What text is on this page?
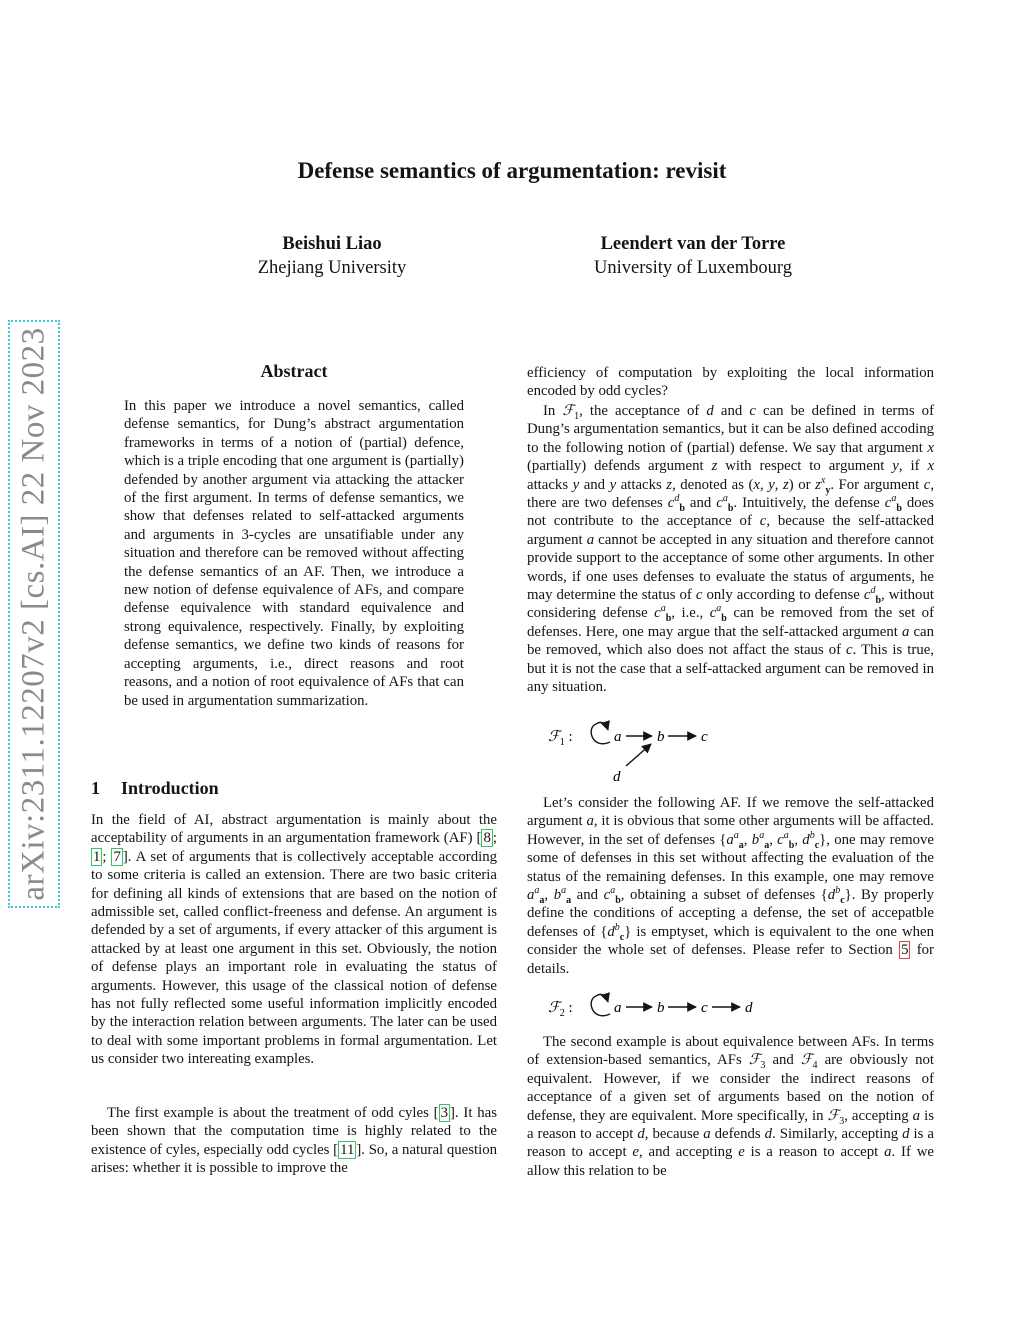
arXiv:2311.12207v2 [cs.AI] 22 Nov 2023
Defense semantics of argumentation: revisit
Beishui Liao
Zhejiang University
Leendert van der Torre
University of Luxembourg
Abstract
In this paper we introduce a novel semantics, called defense semantics, for Dung’s abstract argumentation frameworks in terms of a notion of (partial) defence, which is a triple encoding that one argument is (partially) defended by another argument via attacking the attacker of the first argument. In terms of defense semantics, we show that defenses related to self-attacked arguments and arguments in 3-cycles are unsatifiable under any situation and therefore can be removed without affecting the defense semantics of an AF. Then, we introduce a new notion of defense equivalence of AFs, and compare defense equivalence with standard equivalence and strong equivalence, respectively. Finally, by exploiting defense semantics, we define two kinds of reasons for accepting arguments, i.e., direct reasons and root reasons, and a notion of root equivalence of AFs that can be used in argumentation summarization.
1 Introduction

In the field of AI, abstract argumentation is mainly about the acceptability of arguments in an argumentation framework (AF) [ 8 ; 1 ; 7 ]. A set of arguments that is collectively acceptable according to some criteria is called an extension. There are two basic criteria for defining all kinds of extensions that are based on the notion of admissible set, called conflict-freeness and defense. An argument is defended by a set of arguments, if every attacker of this argument is attacked by at least one argument in this set. Obviously, the notion of defense plays an important role in evaluating the status of arguments. However, this usage of the classical notion of defense has not fully reflected some useful information implicitly encoded by the interaction relation between arguments. The later can be used to deal with some important problems in formal argumentation. Let us consider two intereating examples.

The first example is about the treatment of odd cyles [ 3 ]. It has been shown that the computation time is highly related to the existence of cyles, especially odd cycles [ 11 ]. So, a natural question arises: whether it is possible to improve the

efficiency of computation by exploiting the local information encoded by odd cycles?

In ℱ$_1$, the acceptance of d and c can be defined in terms of Dung’s argumentation semantics, but it can be also defined accoding to the following notion of (partial) defense. We say that argument x (partially) defends argument z with respect to argument y, if x attacks y and y attacks z, denoted as (x, y, z) or $z^x_y$. For argument c, there are two defenses $c^d_b$ and $c^a_b$. Intuitively, the defense $c^a_b$ does not contribute to the acceptance of c, because the self-attacked argument a cannot be accepted in any situation and therefore cannot provide support to the acceptance of some other arguments. In other words, if one uses defenses to evaluate the status of arguments, he may determine the status of c only according to defense $c^d_b$, without considering defense $c^a_b$, i.e., $c^a_b$ can be removed from the set of defenses. Here, one may argue that the self-attacked argument a can be removed, which also does not affact the staus of c. This is true, but it is not the case that a self-attacked argument can be removed in any situation.

ℱ$_1$ :	a b c
d

Let’s consider the following AF. If we remove the self-attacked argument a, it is obvious that some other arguments will be affacted. However, in the set of defenses {$a^a_a$, $b^a_a$, $c^a_b$, $d^b_c$}, one may remove some of defenses in this set without affecting the evaluation of the status of the remaining defenses. In this example, one may remove $a^a_a$, $b^a_a$ and $c^a_b$, obtaining a subset of defenses $\{d^b_c\}$. By properly define the conditions of accepting a defense, the set of accepatble defenses of $\{d^b_c\}$ is emptyset, which is equivalent to the one when consider the whole set of defenses. Please refer to Section 5 for details.

ℱ$_2$ :	a b c d

The second example is about equivalence between AFs. In terms of extension-based semantics, AFs ℱ$_3$ and ℱ$_4$ are obviously not equivalent. However, if we consider the indirect reasons of acceptance of a given set of arguments based on the notion of defense, they are equivalent. More specifically, in ℱ$_3$, accepting a is a reason to accept d, because a defends d. Similarly, accepting d is a reason to accept e, and accepting e is a reason to accept a. If we allow this relation to be
